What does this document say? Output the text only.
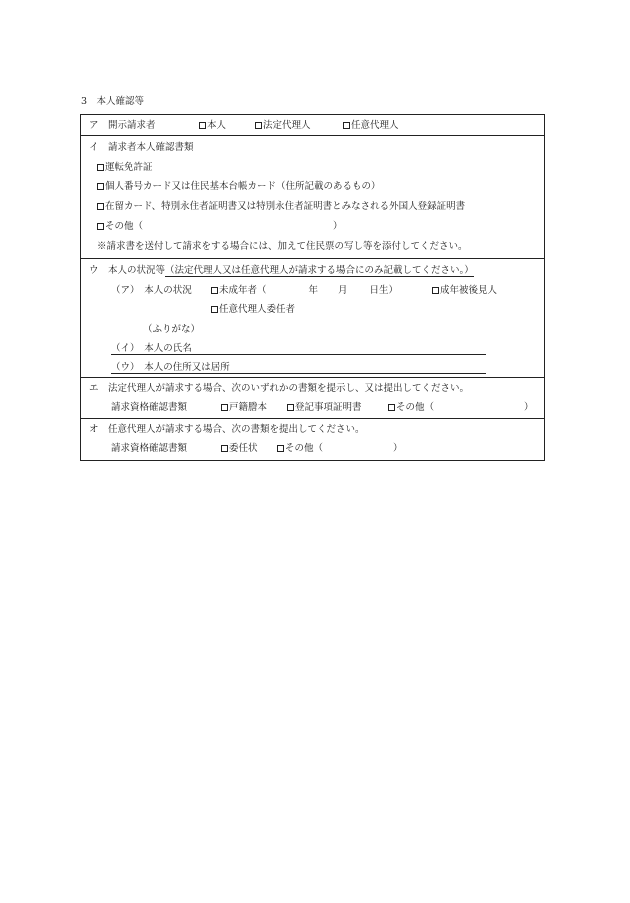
3　本人確認等
ア　開示請求者	本人	法定代理人	任意代理人
イ　請求者本人確認書類
運転免許証
個人番号カード又は住民基本台帳カード（住所記載のあるもの）
在留カード、特別永住者証明書又は特別永住者証明書とみなされる外国人登録証明書
その他（	）
※請求書を送付して請求をする場合には、加えて住民票の写し等を添付してください。
ウ　本人の状況等（法定代理人又は任意代理人が請求する場合にのみ記載してください。）
（ア）　本人の状況	未成年者（	年 月 日生）	成年被後見人
任意代理人委任者
（ふりがな）
（イ）　本人の氏名
（ウ）　本人の住所又は居所
エ　法定代理人が請求する場合、次のいずれかの書類を提示し、又は提出してください。
請求資格確認書類	戸籍謄本	登記事項証明書	その他（	）
オ　任意代理人が請求する場合、次の書類を提出してください。
請求資格確認書類	委任状	その他（	）
